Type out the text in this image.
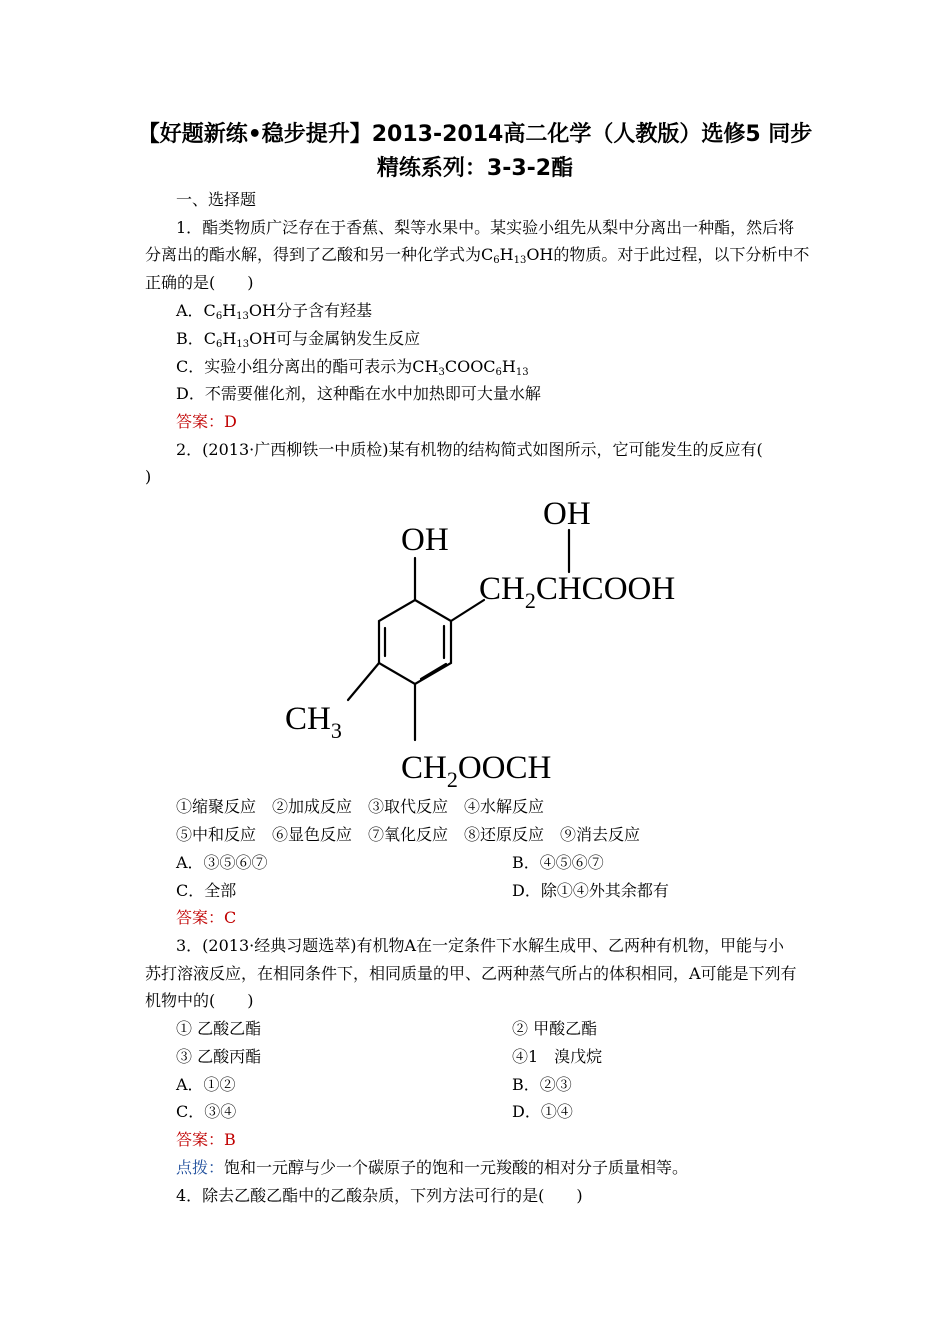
【好题新练•稳步提升】2013-2014高二化学（人教版）选修5 同步
精练系列：3-3-2酯
一、选择题
1．酯类物质广泛存在于香蕉、梨等水果中。某实验小组先从梨中分离出一种酯，然后将
分离出的酯水解，得到了乙酸和另一种化学式为$C_6H_{13}OH$的物质。对于此过程，以下分析中不
正确的是(　　)
A．$C_6H_{13}OH$分子含有羟基
B．$C_6H_{13}OH$可与金属钠发生反应
C．实验小组分离出的酯可表示为$CH_3COOC_6H_{13}$
D．不需要催化剂，这种酯在水中加热即可大量水解
答案：D
2．(2013·广西柳铁一中质检)某有机物的结构简式如图所示，它可能发生的反应有(
)
OH
OH
$CH_2CHCOOH$
$CH_3$
$CH_2OOCH$
①缩聚反应　②加成反应　③取代反应　④水解反应
⑤中和反应　⑥显色反应　⑦氧化反应　⑧还原反应　⑨消去反应
A．③⑤⑥⑦	B．④⑤⑥⑦
C．全部	D．除①④外其余都有
答案：C
3．(2013·经典习题选萃)有机物A在一定条件下水解生成甲、乙两种有机物，甲能与小
苏打溶液反应，在相同条件下，相同质量的甲、乙两种蒸气所占的体积相同，A可能是下列有
机物中的(　　)
① 乙酸乙酯	② 甲酸乙酯
③ 乙酸丙酯	④1　溴戊烷
A．①②	B．②③
C．③④	D．①④
答案：B
点拨：饱和一元醇与少一个碳原子的饱和一元羧酸的相对分子质量相等。
4．除去乙酸乙酯中的乙酸杂质，下列方法可行的是(　　)
